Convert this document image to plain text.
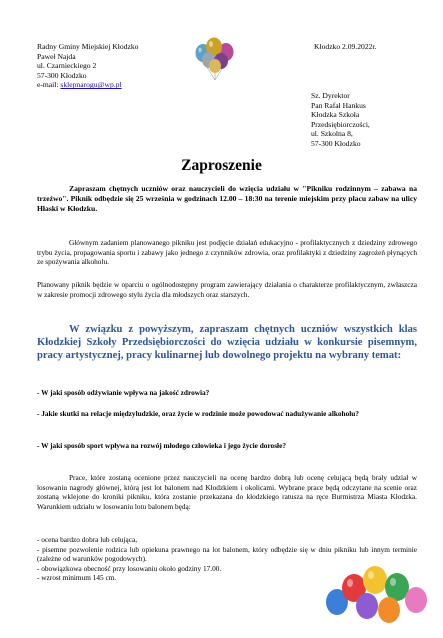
Radny Gminy Miejskiej Kłodzko
Paweł Najda
ul. Czarnieckiego 2
57-300 Kłodzko
e-mail: sklepnarogu@wp.pl
Kłodzko 2.09.2022r.
Sz. Dyrektor
Pan Rafał Hankus
Kłodzka Szkoła
Przedsiębiorczości,
ul. Szkolna 8,
57-300 Kłodzko
Zaproszenie
Zapraszam chętnych uczniów oraz nauczycieli do wzięcia udziału w "Pikniku rodzinnym – zabawa na trzeźwo". Piknik odbędzie się 25 września w godzinach 12.00 – 18:30 na terenie miejskim przy placu zabaw na ulicy Hłaski w Kłodzku.
Głównym zadaniem planowanego pikniku jest podjęcie działań edukacyjno - profilaktycznych z dziedziny zdrowego trybu życia, propagowania sportu i zabawy jako jednego z czynników zdrowia, oraz profilaktyki z dziedziny zagrożeń płynących ze spożywania alkoholu.
Planowany piknik będzie w oparciu o ogólnodostępny program zawierający działania o charakterze profilaktycznym, zwłaszcza w zakresie promocji zdrowego stylu życia dla młodszych oraz starszych.
W związku z powyższym, zapraszam chętnych uczniów wszystkich klas Kłodzkiej Szkoły Przedsiębiorczości do wzięcia udziału w konkursie pisemnym, pracy artystycznej, pracy kulinarnej lub dowolnego projektu na wybrany temat:
- W jaki sposób odżywianie wpływa na jakość zdrowia?
- Jakie skutki na relacje międzyludzkie, oraz życie w rodzinie może powodować nadużywanie alkoholu?
- W jaki sposób sport wpływa na rozwój młodego człowieka i jego życie dorosłe?
Prace, które zostaną ocenione przez nauczycieli na ocenę bardzo dobrą lub ocenę celującą będą brały udział w losowaniu nagrody głównej, którą jest lot balonem nad Kłodzkiem i okolicami. Wybrane prace będą odczytane na scenie oraz zostaną wklejone do kroniki pikniku, która zostanie przekazana do kłodzkiego ratusza na ręce Burmistrza Miasta Kłodzka. Warunkiem udziału w losowaniu lotu balonem będą:
- ocena bardzo dobra lub celująca,
- pisemne pozwolenie rodzica lub opiekuna prawnego na lot balonem, który odbędzie się w dniu pikniku lub innym terminie (zależne od warunków pogodowych).
- obowiązkowa obecność przy losowaniu około godziny 17.00.
- wzrost minimum 145 cm.
